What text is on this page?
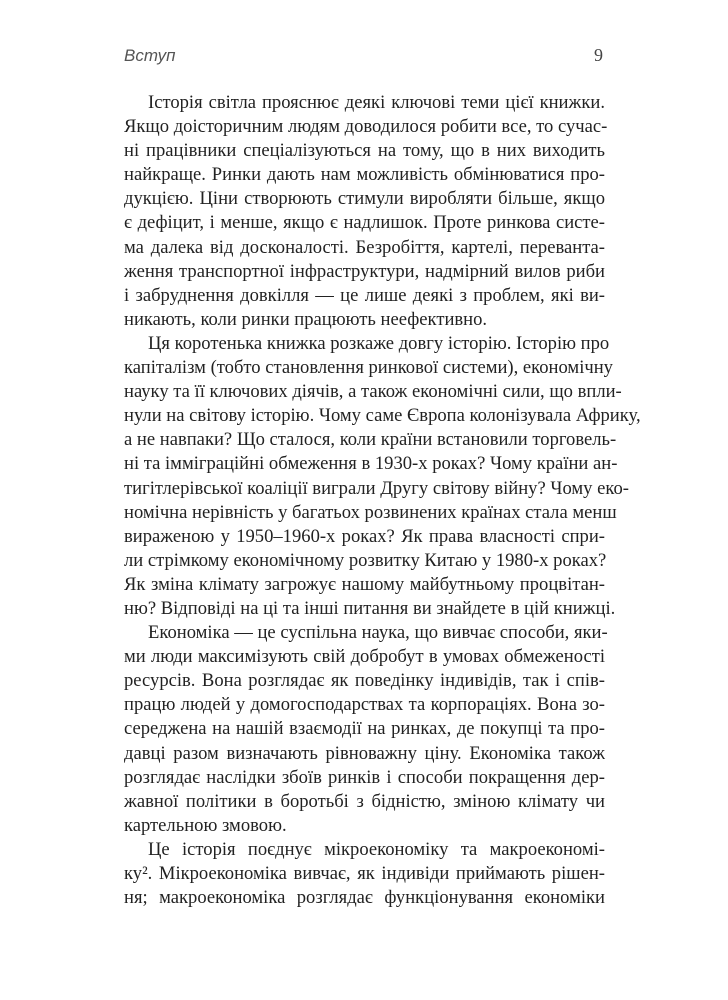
Вступ	9
Історія світла прояснює деякі ключові теми цієї книжки.
Якщо доісторичним людям доводилося робити все, то сучас-
ні працівники спеціалізуються на тому, що в них виходить
найкраще. Ринки дають нам можливість обмінюватися про-
дукцією. Ціни створюють стимули виробляти більше, якщо
є дефіцит, і менше, якщо є надлишок. Проте ринкова систе-
ма далека від досконалості. Безробіття, картелі, переванта-
ження транспортної інфраструктури, надмірний вилов риби
і забруднення довкілля — це лише деякі з проблем, які ви-
никають, коли ринки працюють неефективно.
Ця коротенька книжка розкаже довгу історію. Історію про
капіталізм (тобто становлення ринкової системи), економічну
науку та її ключових діячів, а також економічні сили, що впли-
нули на світову історію. Чому саме Європа колонізувала Африку,
а не навпаки? Що сталося, коли країни встановили торговель-
ні та імміграційні обмеження в 1930-х роках? Чому країни ан-
тигітлерівської коаліції виграли Другу світову війну? Чому еко-
номічна нерівність у багатьох розвинених країнах стала менш
вираженою у 1950–1960-х роках? Як права власності спри-
ли стрімкому економічному розвитку Китаю у 1980-х роках?
Як зміна клімату загрожує нашому майбутньому процвітан-
ню? Відповіді на ці та інші питання ви знайдете в цій книжці.
Економіка — це суспільна наука, що вивчає способи, яки-
ми люди максимізують свій добробут в умовах обмеженості
ресурсів. Вона розглядає як поведінку індивідів, так і спів-
працю людей у домогосподарствах та корпораціях. Вона зо-
середжена на нашій взаємодії на ринках, де покупці та про-
давці разом визначають рівноважну ціну. Економіка також
розглядає наслідки збоїв ринків і способи покращення дер-
жавної політики в боротьбі з бідністю, зміною клімату чи
картельною змовою.
Це історія поєднує мікроекономіку та макроекономі-
ку². Мікроекономіка вивчає, як індивіди приймають рішен-
ня; макроекономіка розглядає функціонування економіки
